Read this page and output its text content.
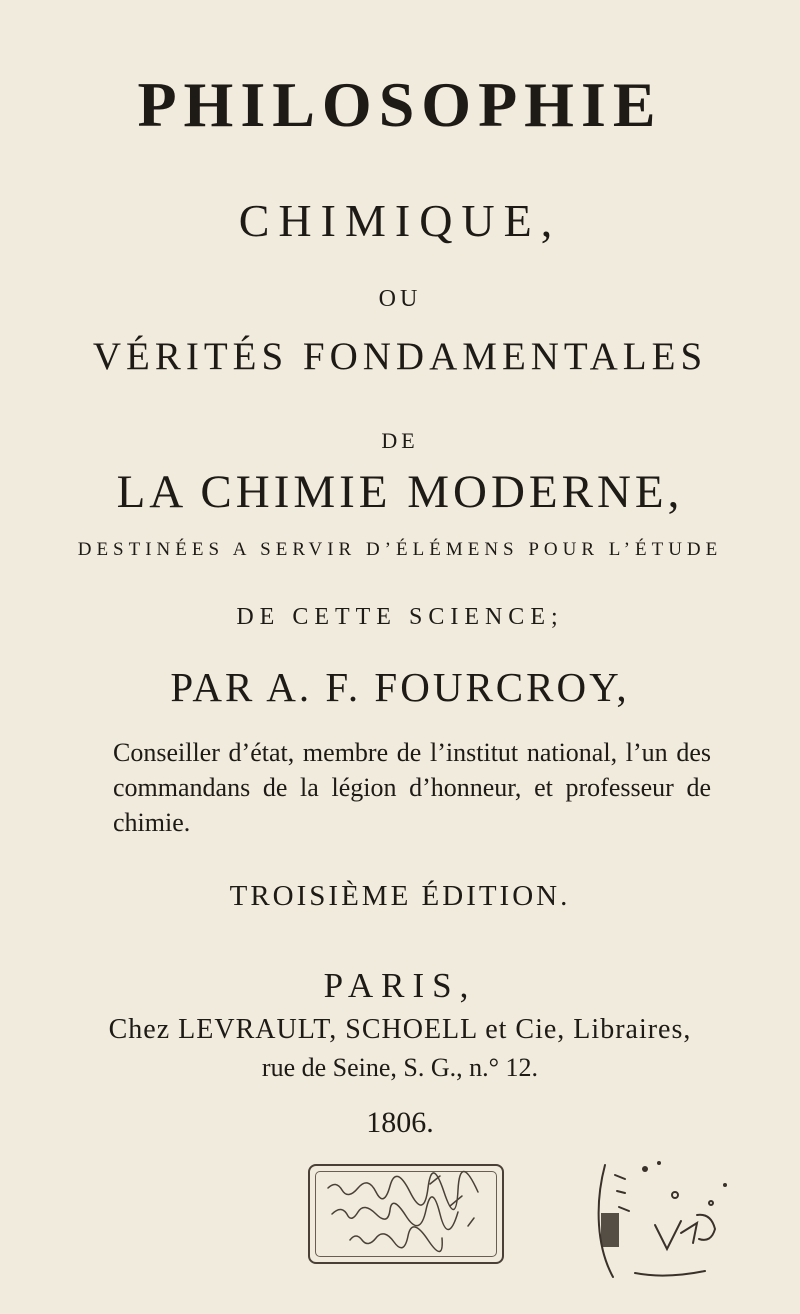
PHILOSOPHIE
CHIMIQUE,
OU
VÉRITÉS FONDAMENTALES
DE
LA CHIMIE MODERNE,
DESTINÉES A SERVIR D’ÉLÉMENS POUR L’ÉTUDE
DE CETTE SCIENCE;
PAR A. F. FOURCROY,
Conseiller d’état, membre de l’institut national, l’un des commandans de la légion d’honneur, et professeur de chimie.
TROISIÈME ÉDITION.
PARIS,
Chez LEVRAULT, SCHOELL et Cie, Libraires,
rue de Seine, S. G., n.° 12.
1806.
